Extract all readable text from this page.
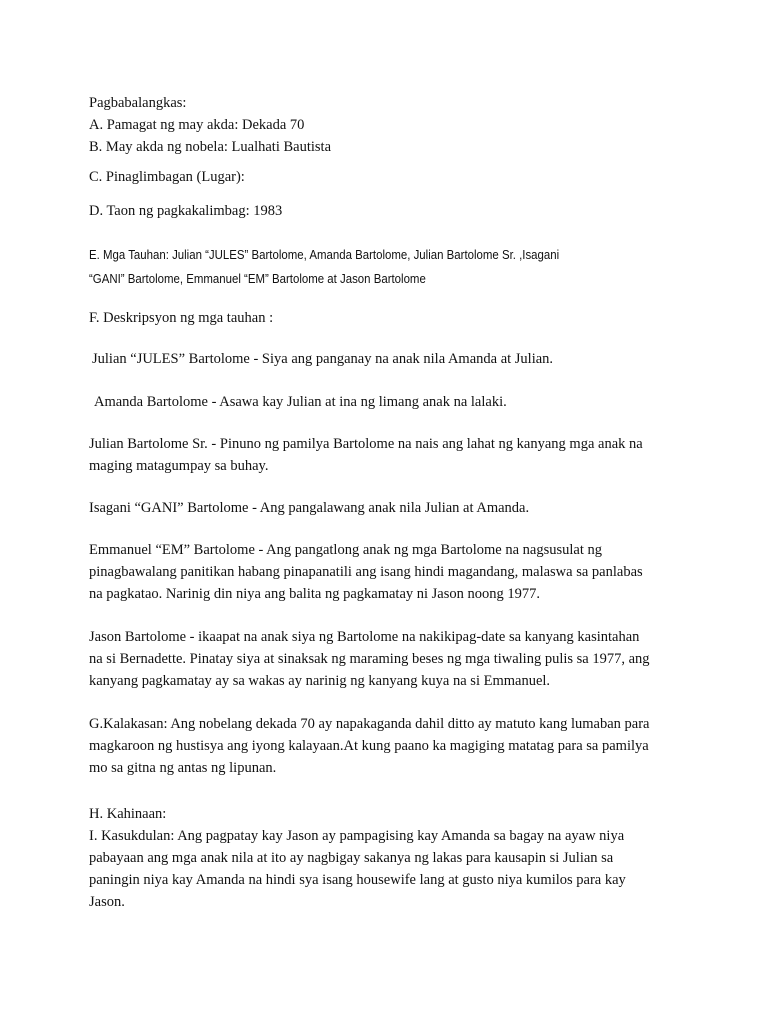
Pagbabalangkas:

A. Pamagat ng may akda: Dekada 70

B. May akda ng nobela: Lualhati Bautista

C. Pinaglimbagan (Lugar):

D. Taon ng pagkakalimbag: 1983

E. Mga Tauhan: Julian “JULES” Bartolome, Amanda Bartolome, Julian Bartolome Sr. ,Isagani

“GANI” Bartolome, Emmanuel “EM” Bartolome at Jason Bartolome

F. Deskripsyon ng mga tauhan :

Julian “JULES” Bartolome - Siya ang panganay na anak nila Amanda at Julian.

Amanda Bartolome - Asawa kay Julian at ina ng limang anak na lalaki.

Julian Bartolome Sr. - Pinuno ng pamilya Bartolome na nais ang lahat ng kanyang mga anak na

maging matagumpay sa buhay.

Isagani “GANI” Bartolome - Ang pangalawang anak nila Julian at Amanda.

Emmanuel “EM” Bartolome - Ang pangatlong anak ng mga Bartolome na nagsusulat ng

pinagbawalang panitikan habang pinapanatili ang isang hindi magandang, malaswa sa panlabas

na pagkatao. Narinig din niya ang balita ng pagkamatay ni Jason noong 1977.

Jason Bartolome - ikaapat na anak siya ng Bartolome na nakikipag-date sa kanyang kasintahan

na si Bernadette. Pinatay siya at sinaksak ng maraming beses ng mga tiwaling pulis sa 1977, ang

kanyang pagkamatay ay sa wakas ay narinig ng kanyang kuya na si Emmanuel.

G.Kalakasan: Ang nobelang dekada 70 ay napakaganda dahil ditto ay matuto kang lumaban para

magkaroon ng hustisya ang iyong kalayaan.At kung paano ka magiging matatag para sa pamilya

mo sa gitna ng antas ng lipunan.

H. Kahinaan:

I. Kasukdulan: Ang pagpatay kay Jason ay pampagising kay Amanda sa bagay na ayaw niya

pabayaan ang mga anak nila at ito ay nagbigay sakanya ng lakas para kausapin si Julian sa

paningin niya kay Amanda na hindi sya isang housewife lang at gusto niya kumilos para kay

Jason.
